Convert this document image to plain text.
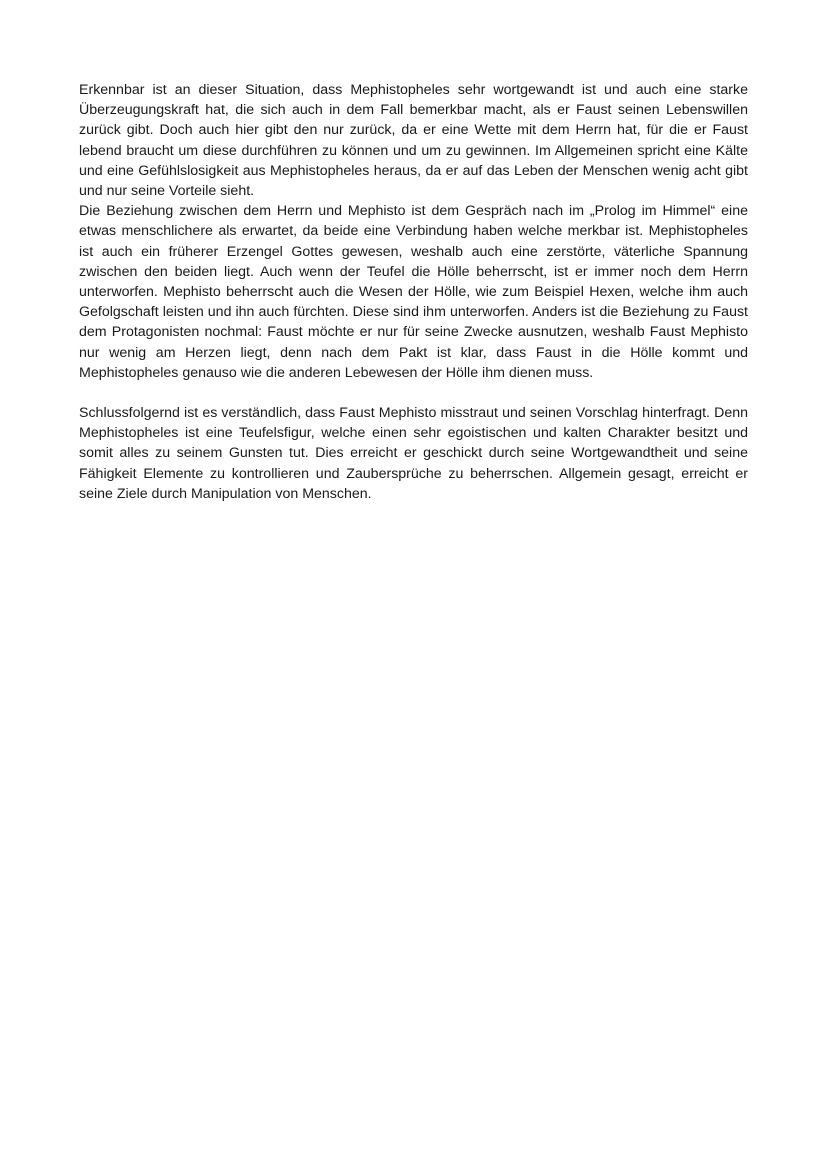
Erkennbar ist an dieser Situation, dass Mephistopheles sehr wortgewandt ist und auch eine starke Überzeugungskraft hat, die sich auch in dem Fall bemerkbar macht, als er Faust seinen Lebenswillen zurück gibt. Doch auch hier gibt den nur zurück, da er eine Wette mit dem Herrn hat, für die er Faust lebend braucht um diese durchführen zu können und um zu gewinnen. Im Allgemeinen spricht eine Kälte und eine Gefühlslosigkeit aus Mephistopheles heraus, da er auf das Leben der Menschen wenig acht gibt und nur seine Vorteile sieht.

Die Beziehung zwischen dem Herrn und Mephisto ist dem Gespräch nach im „Prolog im Himmel“ eine etwas menschlichere als erwartet, da beide eine Verbindung haben welche merkbar ist. Mephistopheles ist auch ein früherer Erzengel Gottes gewesen, weshalb auch eine zerstörte, väterliche Spannung zwischen den beiden liegt. Auch wenn der Teufel die Hölle beherrscht, ist er immer noch dem Herrn unterworfen. Mephisto beherrscht auch die Wesen der Hölle, wie zum Beispiel Hexen, welche ihm auch Gefolgschaft leisten und ihn auch fürchten. Diese sind ihm unterworfen. Anders ist die Beziehung zu Faust dem Protagonisten nochmal: Faust möchte er nur für seine Zwecke ausnutzen, weshalb Faust Mephisto nur wenig am Herzen liegt, denn nach dem Pakt ist klar, dass Faust in die Hölle kommt und Mephistopheles genauso wie die anderen Lebewesen der Hölle ihm dienen muss.

Schlussfolgernd ist es verständlich, dass Faust Mephisto misstraut und seinen Vorschlag hinterfragt. Denn Mephistopheles ist eine Teufelsfigur, welche einen sehr egoistischen und kalten Charakter besitzt und somit alles zu seinem Gunsten tut. Dies erreicht er geschickt durch seine Wortgewandtheit und seine Fähigkeit Elemente zu kontrollieren und Zaubersprüche zu beherrschen. Allgemein gesagt, erreicht er seine Ziele durch Manipulation von Menschen.
